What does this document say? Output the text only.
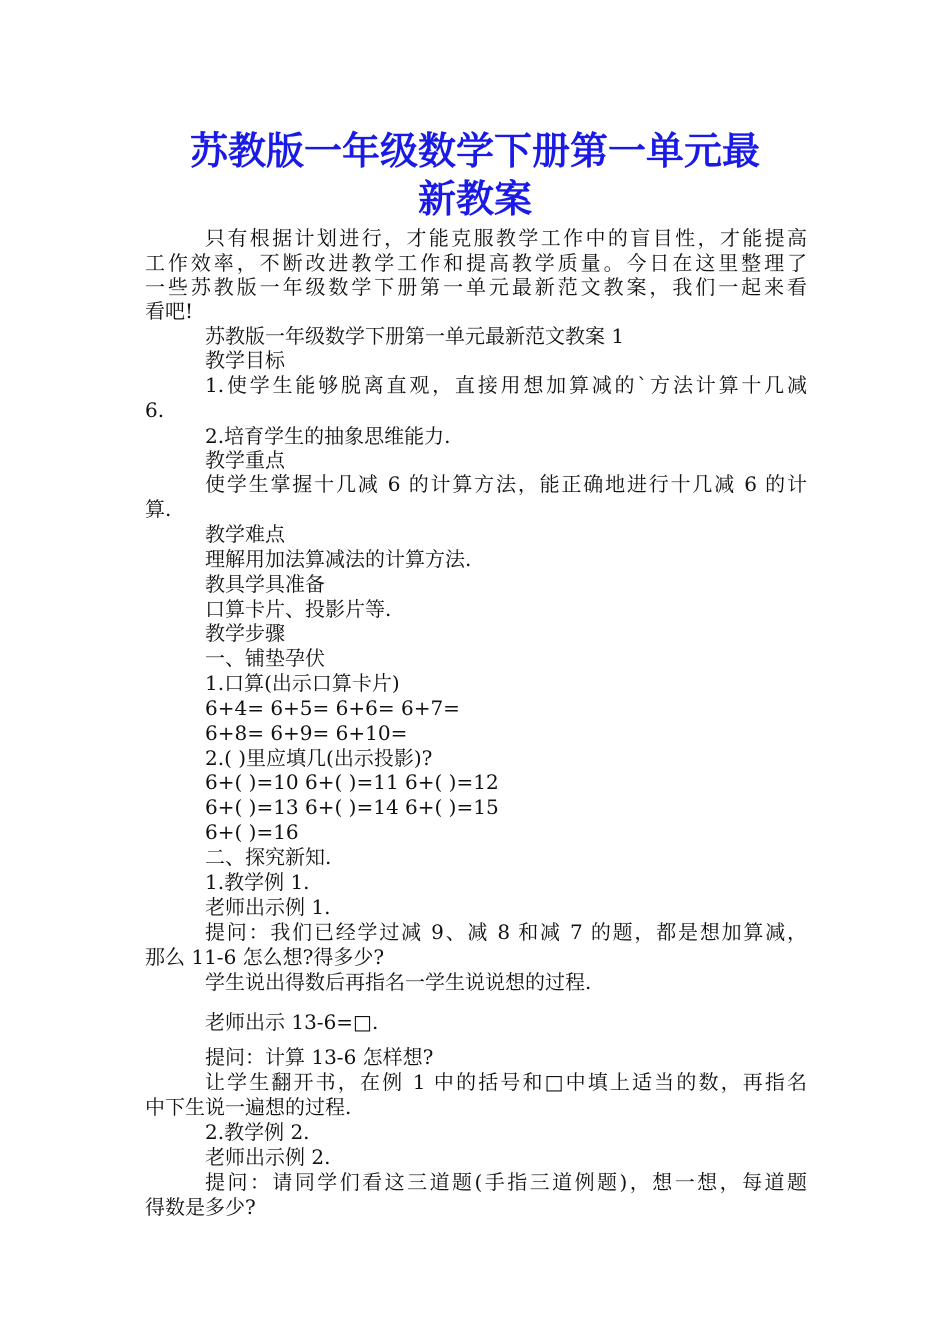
苏教版一年级数学下册第一单元最
新教案
只有根据计划进行，才能克服教学工作中的盲目性，才能提高
工作效率，不断改进教学工作和提高教学质量。今日在这里整理了
一些苏教版一年级数学下册第一单元最新范文教案，我们一起来看
看吧!
苏教版一年级数学下册第一单元最新范文教案 1
教学目标
1.使学生能够脱离直观，直接用想加算减的`方法计算十几减
6.
2.培育学生的抽象思维能力.
教学重点
使学生掌握十几减 6 的计算方法，能正确地进行十几减 6 的计
算.
教学难点
理解用加法算减法的计算方法.
教具学具准备
口算卡片、投影片等.
教学步骤
一、铺垫孕伏
1.口算(出示口算卡片)
6+4= 6+5= 6+6= 6+7=
6+8= 6+9= 6+10=
2.( )里应填几(出示投影)?
6+( )=10 6+( )=11 6+( )=12
6+( )=13 6+( )=14 6+( )=15
6+( )=16
二、探究新知.
1.教学例 1.
老师出示例 1.
提问：我们已经学过减 9、减 8 和减 7 的题，都是想加算减，
那么 11-6 怎么想?得多少?
学生说出得数后再指名一学生说说想的过程.
老师出示 13-6=□.
提问：计算 13-6 怎样想?
让学生翻开书，在例 1 中的括号和□中填上适当的数，再指名
中下生说一遍想的过程.
2.教学例 2.
老师出示例 2.
提问：请同学们看这三道题(手指三道例题)，想一想，每道题
得数是多少?
